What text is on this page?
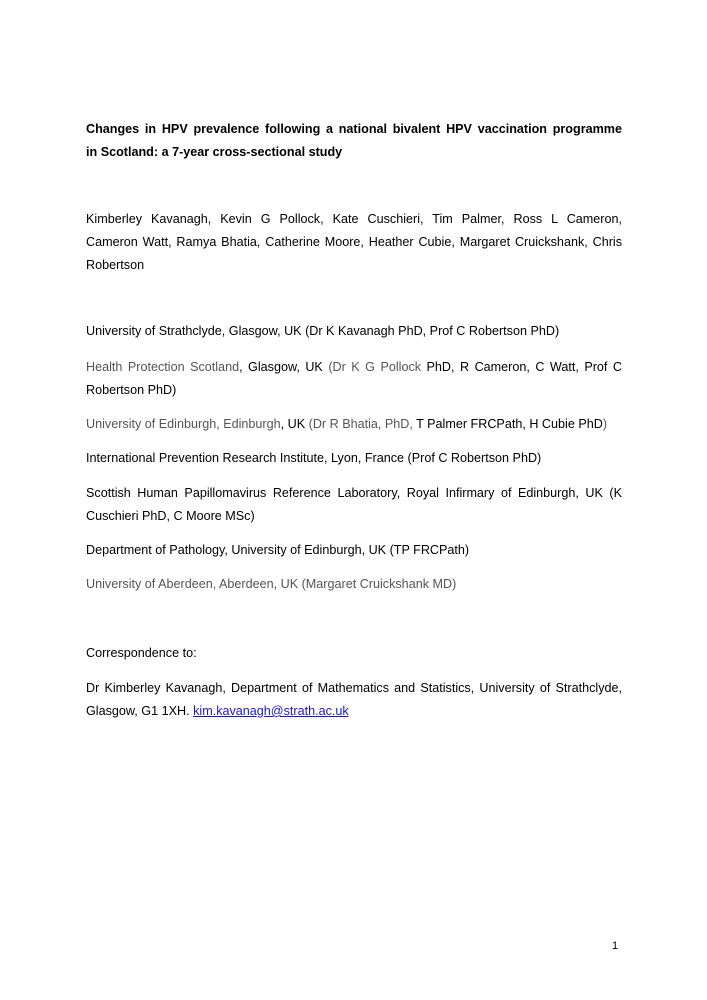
Changes in HPV prevalence following a national bivalent HPV vaccination programme
in Scotland: a 7-year cross-sectional study
Kimberley Kavanagh, Kevin G Pollock, Kate Cuschieri, Tim Palmer, Ross L Cameron,
Cameron Watt, Ramya Bhatia, Catherine Moore, Heather Cubie, Margaret Cruickshank, Chris
Robertson
University of Strathclyde, Glasgow, UK (Dr K Kavanagh PhD, Prof C Robertson PhD)
Health Protection Scotland, Glasgow, UK (Dr K G Pollock PhD, R Cameron, C Watt, Prof C
Robertson PhD)
University of Edinburgh, Edinburgh, UK (Dr R Bhatia, PhD, T Palmer FRCPath, H Cubie PhD)
International Prevention Research Institute, Lyon, France (Prof C Robertson PhD)
Scottish Human Papillomavirus Reference Laboratory, Royal Infirmary of Edinburgh, UK (K
Cuschieri PhD, C Moore MSc)
Department of Pathology, University of Edinburgh, UK (TP FRCPath)
University of Aberdeen, Aberdeen, UK (Margaret Cruickshank MD)
Correspondence to:
Dr Kimberley Kavanagh, Department of Mathematics and Statistics, University of Strathclyde,
Glasgow, G1 1XH. kim.kavanagh@strath.ac.uk
1
